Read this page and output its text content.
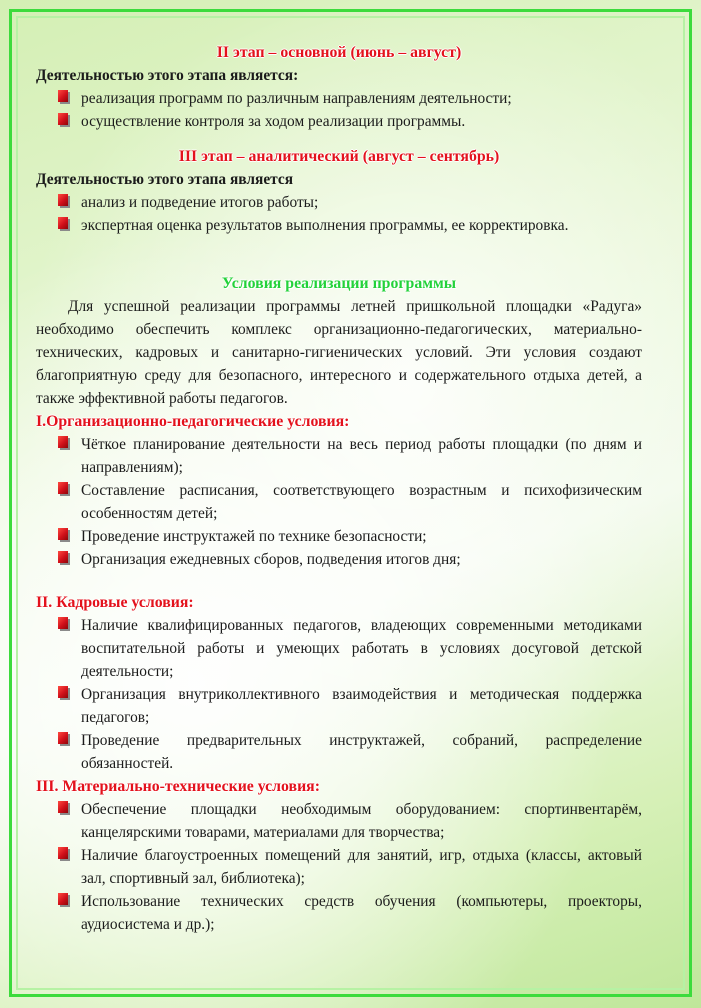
II этап – основной (июнь – август)
Деятельностью этого этапа является:
реализация программ по различным направлениям деятельности;
осуществление контроля за ходом реализации программы.
III этап – аналитический (август – сентябрь)
Деятельностью этого этапа является
анализ и подведение итогов работы;
экспертная оценка результатов выполнения программы, ее корректировка.
Условия реализации программы
Для успешной реализации программы летней пришкольной площадки «Радуга» необходимо обеспечить комплекс организационно-педагогических, материально-технических, кадровых и санитарно-гигиенических условий. Эти условия создают благоприятную среду для безопасного, интересного и содержательного отдыха детей, а также эффективной работы педагогов.
I.Организационно-педагогические условия:
Чёткое планирование деятельности на весь период работы площадки (по дням и направлениям);
Составление расписания, соответствующего возрастным и психофизическим особенностям детей;
Проведение инструктажей по технике безопасности;
Организация ежедневных сборов, подведения итогов дня;
II. Кадровые условия:
Наличие квалифицированных педагогов, владеющих современными методиками воспитательной работы и умеющих работать в условиях досуговой детской деятельности;
Организация внутриколлективного взаимодействия и методическая поддержка педагогов;
Проведение предварительных инструктажей, собраний, распределение обязанностей.
III. Материально-технические условия:
Обеспечение площадки необходимым оборудованием: спортинвентарём, канцелярскими товарами, материалами для творчества;
Наличие благоустроенных помещений для занятий, игр, отдыха (классы, актовый зал, спортивный зал, библиотека);
Использование технических средств обучения (компьютеры, проекторы, аудиосистема и др.);
